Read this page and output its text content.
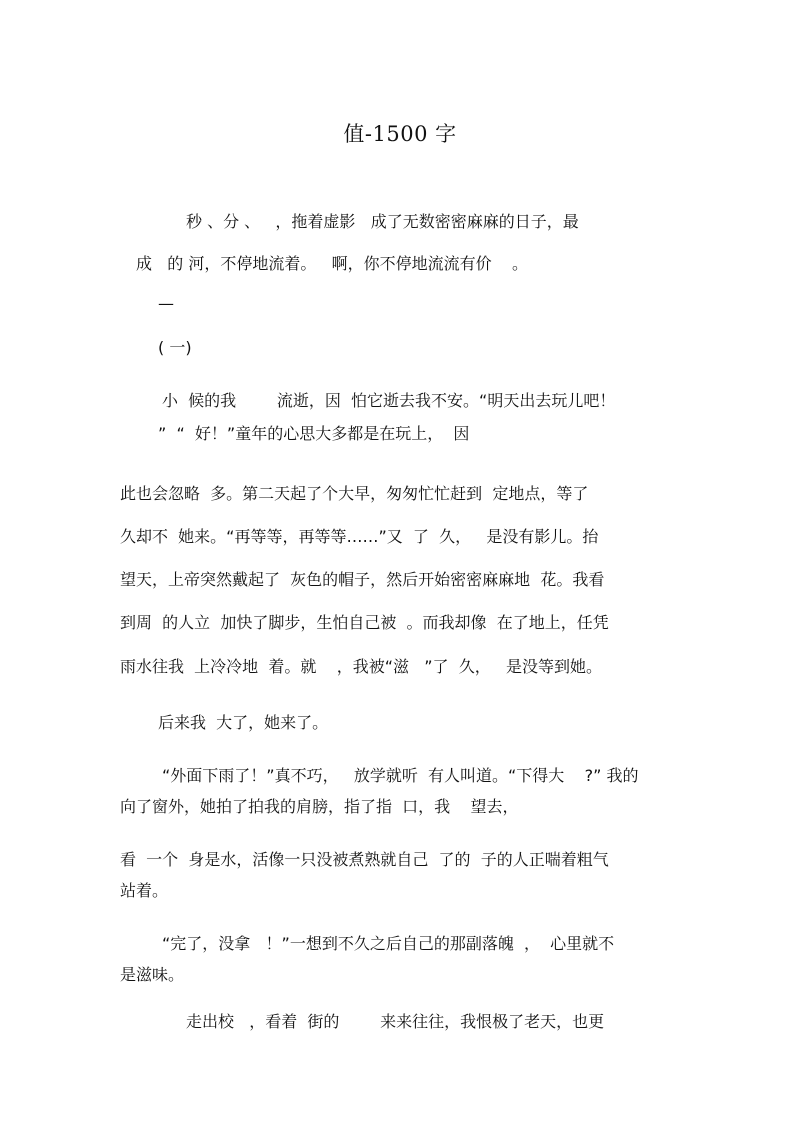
值-1500 字
秒 、分 、   ，拖着虚影   成了无数密密麻麻的日子，最
成   的 河，不停地流着。   啊，你不停地流流有价    。
—
( 一)
小  候的我        流逝，因  怕它逝去我不安。“明天出去玩儿吧！
”  “  好！”童年的心思大多都是在玩上，  因
此也会忽略  多。第二天起了个大早，匆匆忙忙赶到  定地点，等了
久却不  她来。“再等等，再等等……”又  了  久，   是没有影儿。抬
望天，上帝突然戴起了  灰色的帽子，然后开始密密麻麻地  花。我看
到周  的人立  加快了脚步，生怕自己被  。而我却像  在了地上，任凭
雨水往我  上冷冷地  着。就    ，我被“滋   ”了  久，   是没等到她。
后来我  大了，她来了。
“外面下雨了！”真不巧，   放学就听  有人叫道。“下得大    ?” 我的
向了窗外，她拍了拍我的肩膀，指了指  口，我    望去，
看  一个  身是水，活像一只没被煮熟就自己  了的  子的人正喘着粗气
站着。
“完了，没拿   ！”一想到不久之后自己的那副落魄  ，  心里就不
是滋味。
走出校   ，看着  街的        来来往往，我恨极了老天，也更
